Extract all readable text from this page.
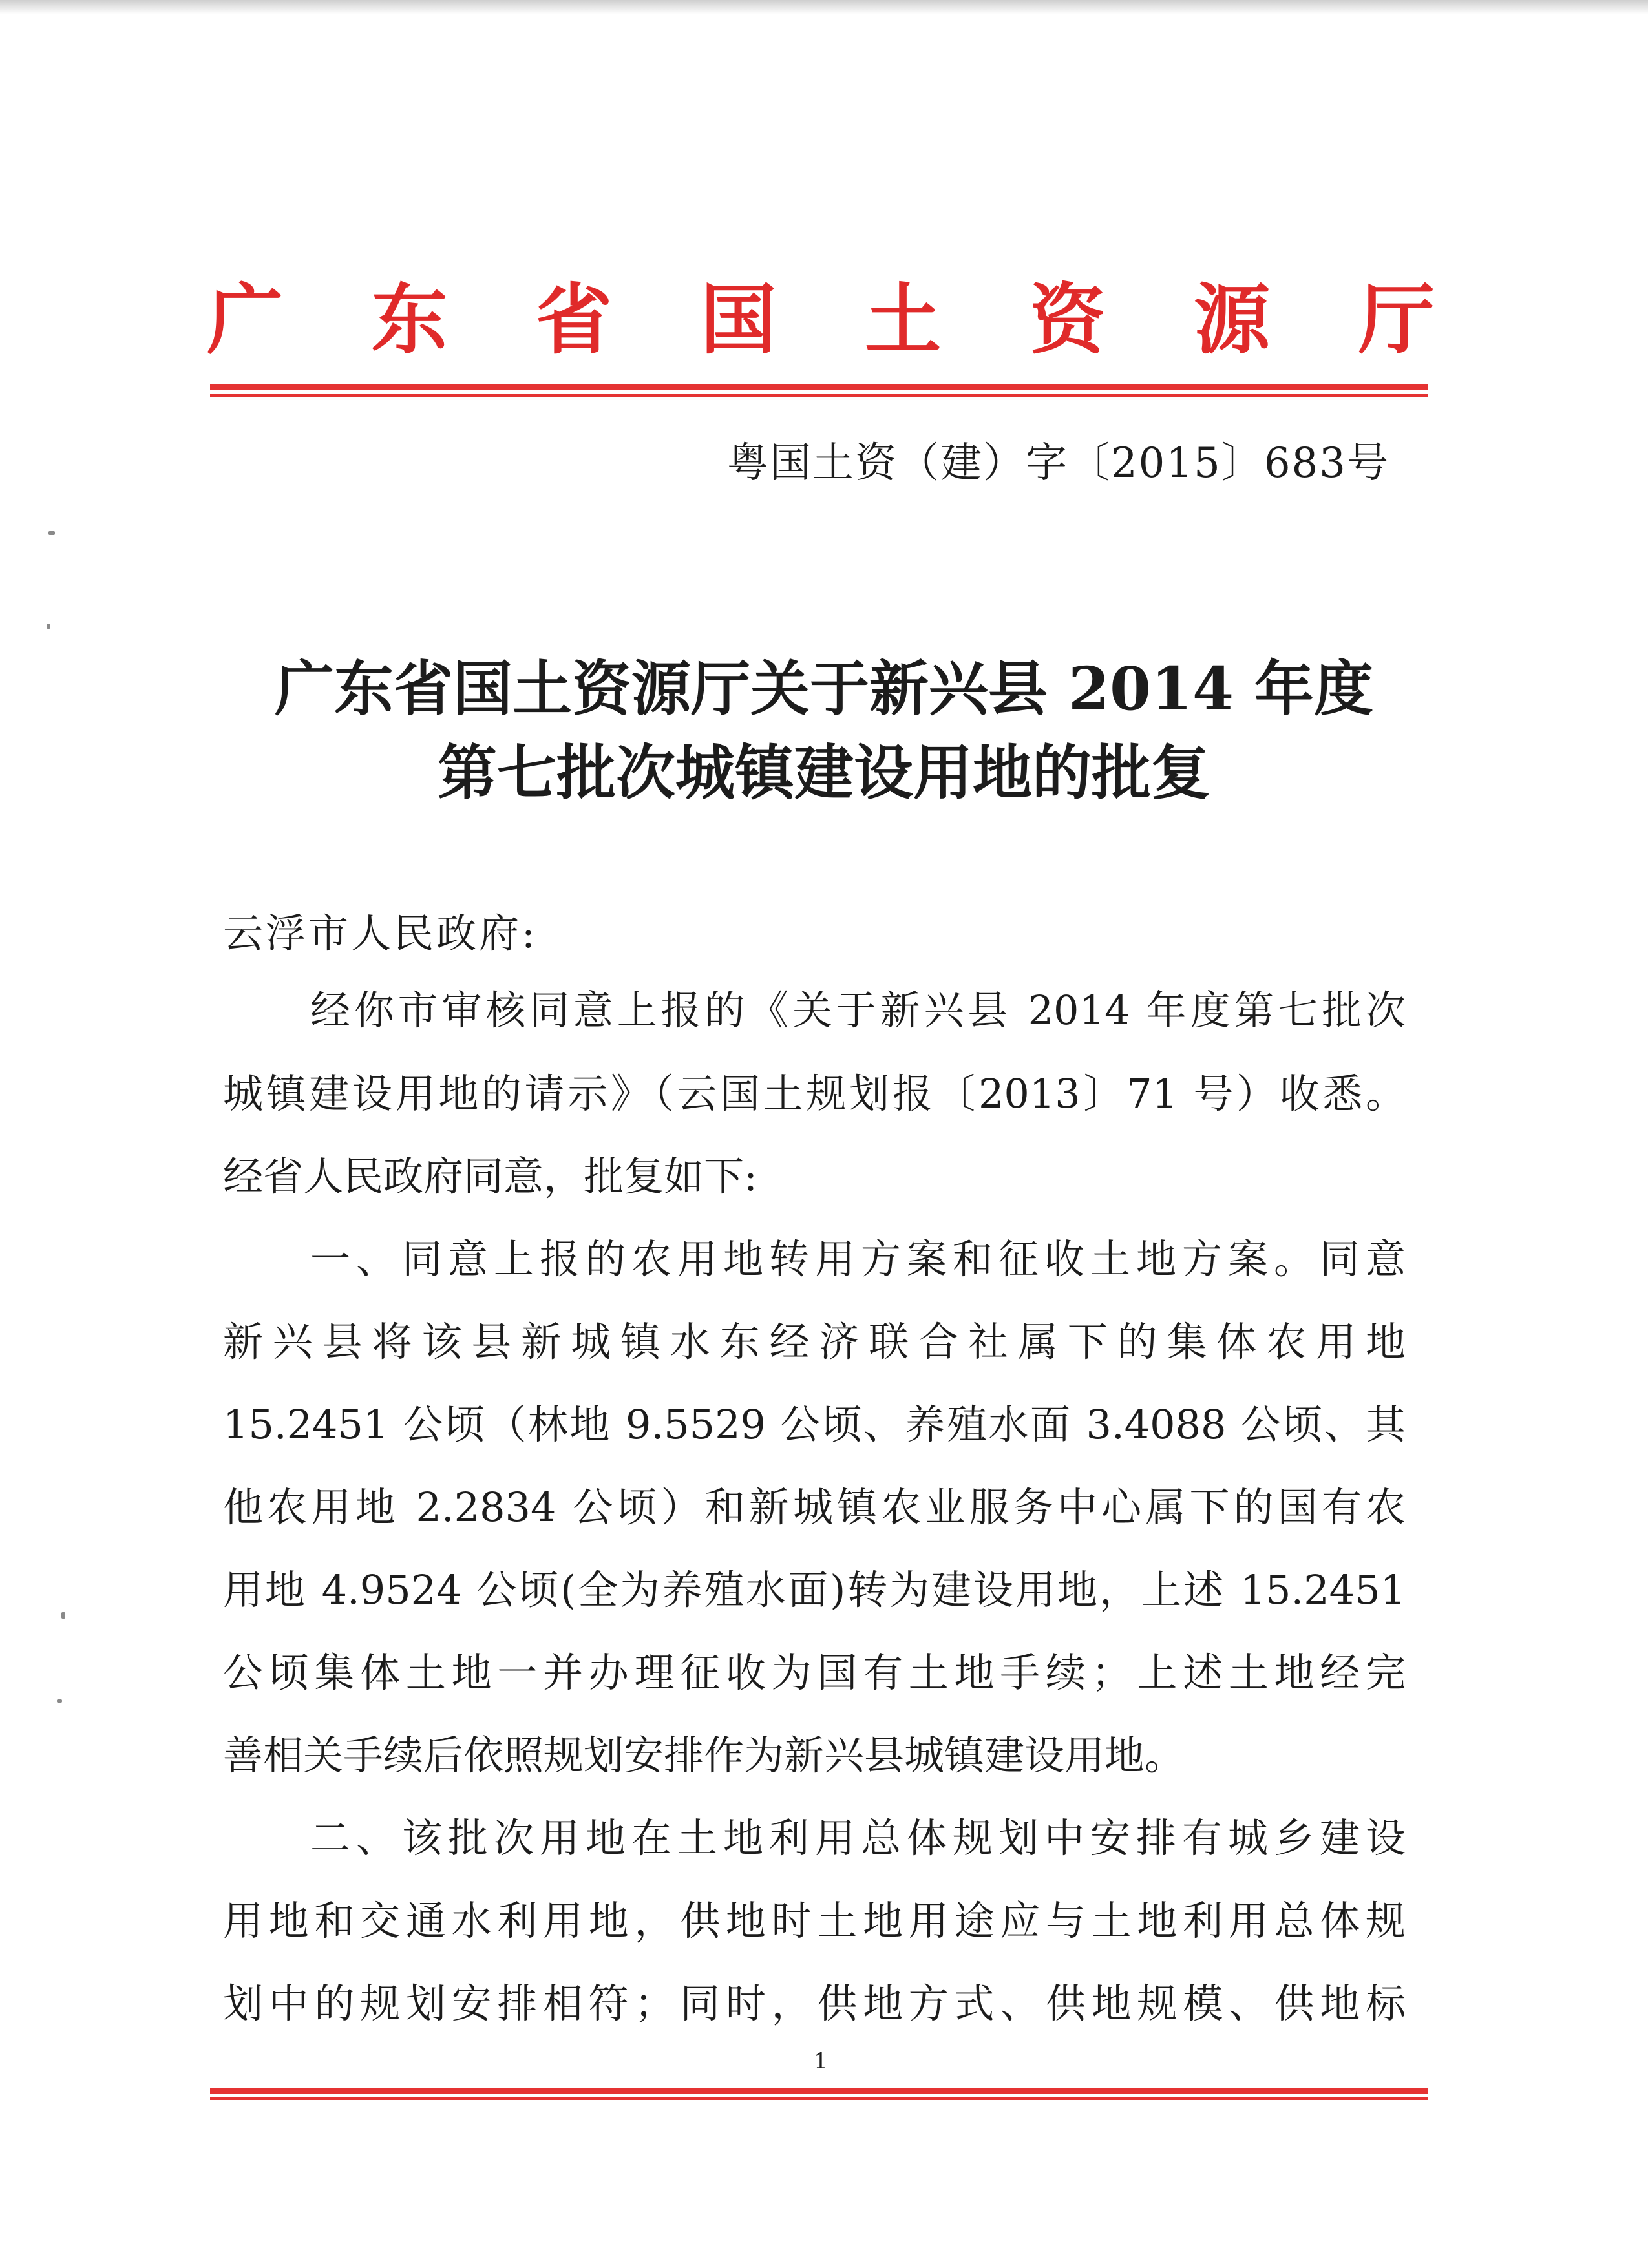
广 东 省 国 土 资 源 厅
粤国土资（建）字〔2015〕683号
广东省国土资源厅关于新兴县 2014 年度
第七批次城镇建设用地的批复
云浮市人民政府:
经你市审核同意上报的《关于新兴县 2014 年度第七批次
城镇建设用地的请示》（云国土规划报〔2013〕71 号）收悉。
经省人民政府同意，批复如下:
一、同意上报的农用地转用方案和征收土地方案。同意
新兴县将该县新城镇水东经济联合社属下的集体农用地
15.2451 公顷（林地 9.5529 公顷、养殖水面 3.4088 公顷、其
他农用地 2.2834 公顷）和新城镇农业服务中心属下的国有农
用地 4.9524 公顷(全为养殖水面)转为建设用地，上述 15.2451
公顷集体土地一并办理征收为国有土地手续；上述土地经完
善相关手续后依照规划安排作为新兴县城镇建设用地。
二、该批次用地在土地利用总体规划中安排有城乡建设
用地和交通水利用地，供地时土地用途应与土地利用总体规
划中的规划安排相符；同时，供地方式、供地规模、供地标
1
